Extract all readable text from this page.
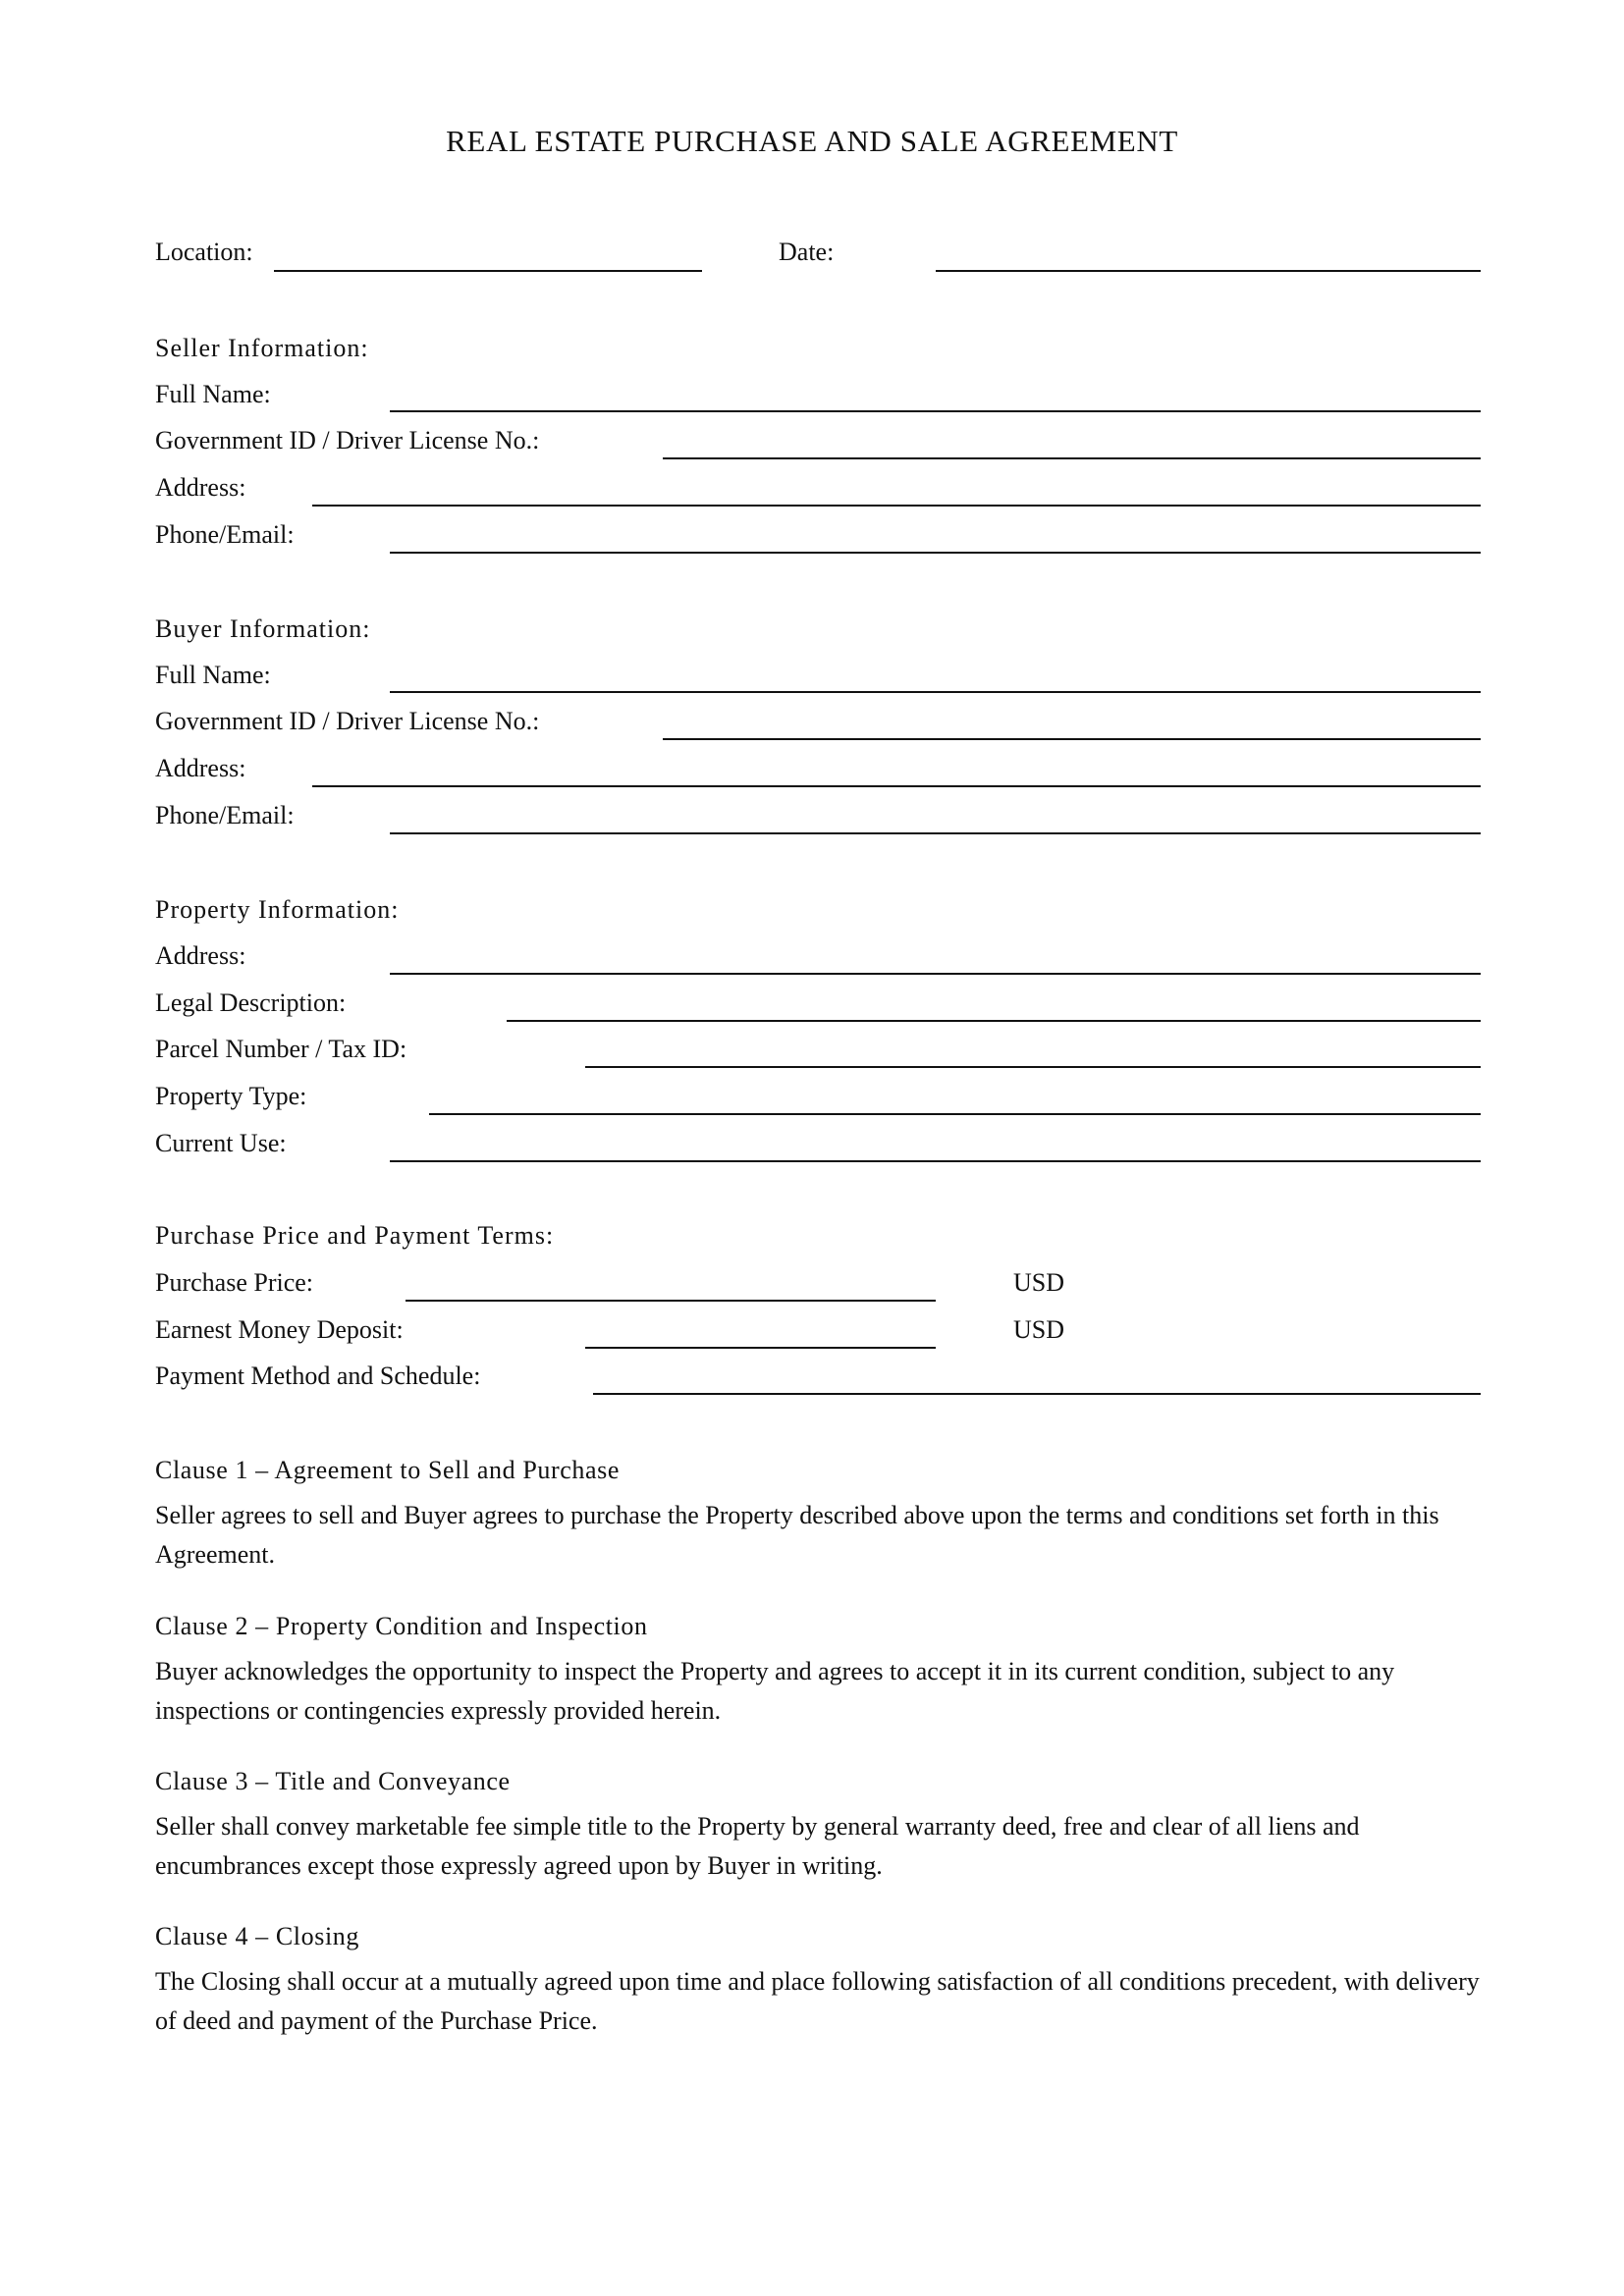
REAL ESTATE PURCHASE AND SALE AGREEMENT
Location:	Date:
Seller Information:
Full Name:
Government ID / Driver License No.:
Address:
Phone/Email:
Buyer Information:
Full Name:
Government ID / Driver License No.:
Address:
Phone/Email:
Property Information:
Address:
Legal Description:
Parcel Number / Tax ID:
Property Type:
Current Use:
Purchase Price and Payment Terms:
Purchase Price:	USD
Earnest Money Deposit:	USD
Payment Method and Schedule:
Clause 1 – Agreement to Sell and Purchase
Seller agrees to sell and Buyer agrees to purchase the Property described above upon the terms and conditions set forth in this Agreement.
Clause 2 – Property Condition and Inspection
Buyer acknowledges the opportunity to inspect the Property and agrees to accept it in its current condition, subject to any inspections or contingencies expressly provided herein.
Clause 3 – Title and Conveyance
Seller shall convey marketable fee simple title to the Property by general warranty deed, free and clear of all liens and encumbrances except those expressly agreed upon by Buyer in writing.
Clause 4 – Closing
The Closing shall occur at a mutually agreed upon time and place following satisfaction of all conditions precedent, with delivery of deed and payment of the Purchase Price.
